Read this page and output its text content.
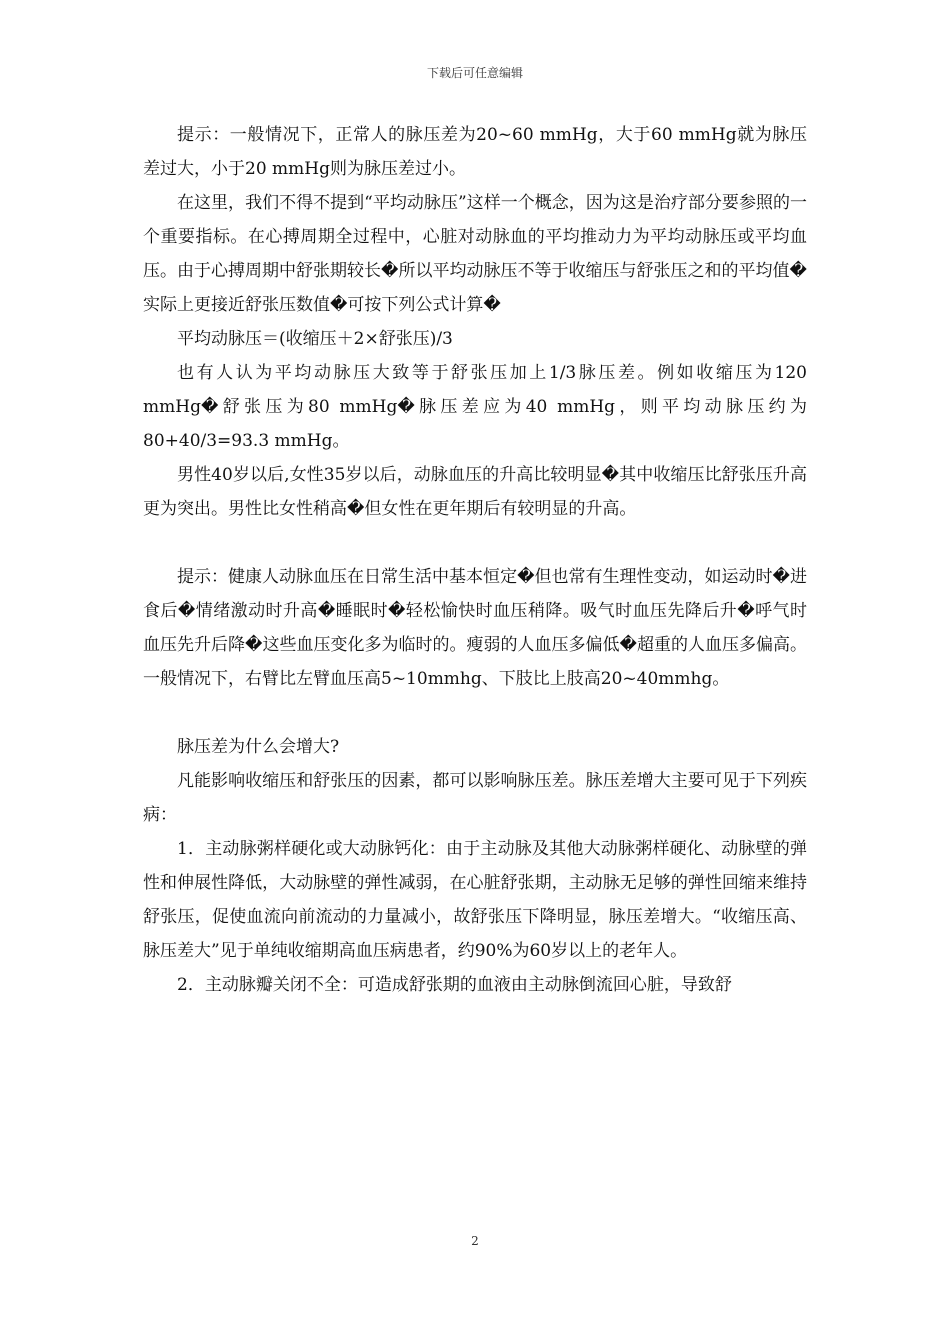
下载后可任意编辑

提示：一般情况下，正常人的脉压差为20~60 mmHg，大于60 mmHg就为脉压差过大，小于20 mmHg则为脉压差过小。

在这里，我们不得不提到“平均动脉压”这样一个概念，因为这是治疗部分要参照的一个重要指标。在心搏周期全过程中，心脏对动脉血的平均推动力为平均动脉压或平均血压。由于心搏周期中舒张期较长�所以平均动脉压不等于收缩压与舒张压之和的平均值�实际上更接近舒张压数值�可按下列公式计算�

平均动脉压＝(收缩压＋2×舒张压)/3

也有人认为平均动脉压大致等于舒张压加上1/3脉压差。例如收缩压为120 mmHg�舒张压为80 mmHg�脉压差应为40 mmHg，则平均动脉压约为80+40/3=93.3 mmHg。

男性40岁以后,女性35岁以后，动脉血压的升高比较明显�其中收缩压比舒张压升高更为突出。男性比女性稍高�但女性在更年期后有较明显的升高。

提示：健康人动脉血压在日常生活中基本恒定�但也常有生理性变动，如运动时�进食后�情绪激动时升高�睡眠时�轻松愉快时血压稍降。吸气时血压先降后升�呼气时血压先升后降�这些血压变化多为临时的。瘦弱的人血压多偏低�超重的人血压多偏高。 一般情况下，右臂比左臂血压高5~10mmhg、下肢比上肢高20~40mmhg。

脉压差为什么会增大?

凡能影响收缩压和舒张压的因素，都可以影响脉压差。脉压差增大主要可见于下列疾病：

1．主动脉粥样硬化或大动脉钙化：由于主动脉及其他大动脉粥样硬化、动脉壁的弹性和伸展性降低，大动脉壁的弹性减弱，在心脏舒张期，主动脉无足够的弹性回缩来维持舒张压，促使血流向前流动的力量减小，故舒张压下降明显，脉压差增大。“收缩压高、脉压差大”见于单纯收缩期高血压病患者，约90%为60岁以上的老年人。

2．主动脉瓣关闭不全：可造成舒张期的血液由主动脉倒流回心脏，导致舒

2
